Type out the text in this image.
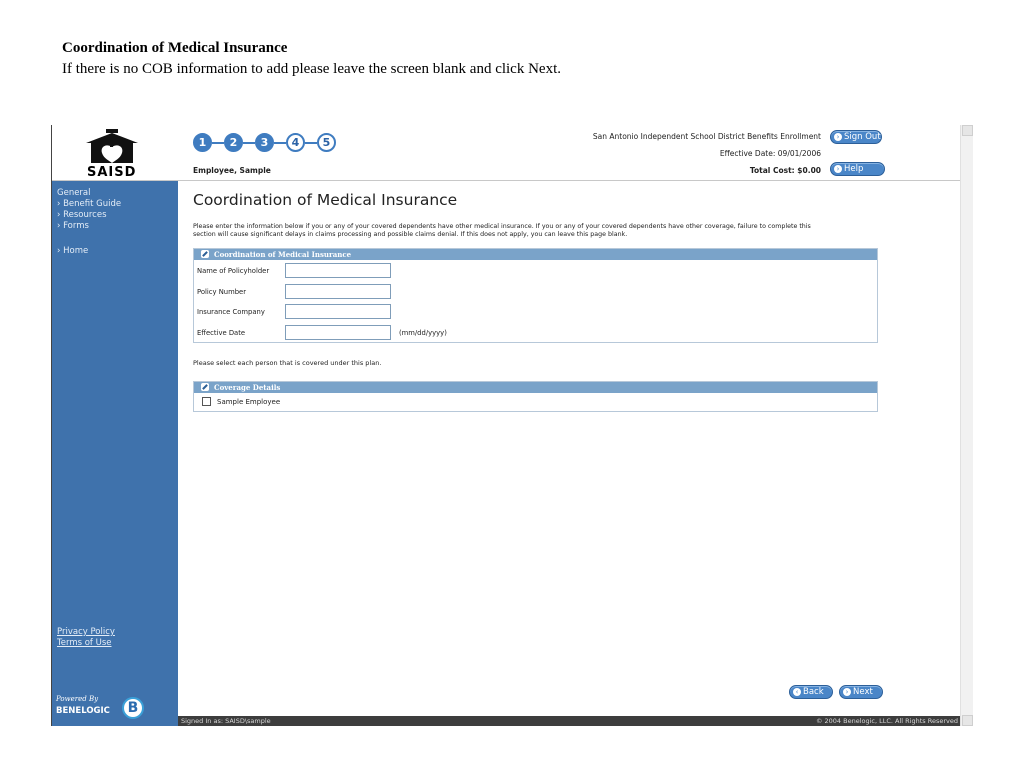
Coordination of Medical Insurance
If there is no COB information to add please leave the screen blank and click Next.
SAISD
General
› Benefit Guide
› Resources
› Forms
› Home
Privacy Policy
Terms of Use
Powered By
BENELOGIC	B
1	2	3	4	5
Employee, Sample
San Antonio Independent School District Benefits Enrollment
Effective Date: 09/01/2006
Total Cost: $0.00
› Sign Out
› Help
Coordination of Medical Insurance
Please enter the information below if you or any of your covered dependents have other medical insurance. If you or any of your covered dependents have other coverage, failure to complete this section will cause significant delays in claims processing and possible claims denial. If this does not apply, you can leave this page blank.
Coordination of Medical Insurance
Name of Policyholder
Policy Number
Insurance Company
Effective Date	(mm/dd/yyyy)
Please select each person that is covered under this plan.
Coverage Details
Sample Employee
‹ Back	› Next
Signed In as: SAISD\sample	© 2004 Benelogic, LLC. All Rights Reserved
